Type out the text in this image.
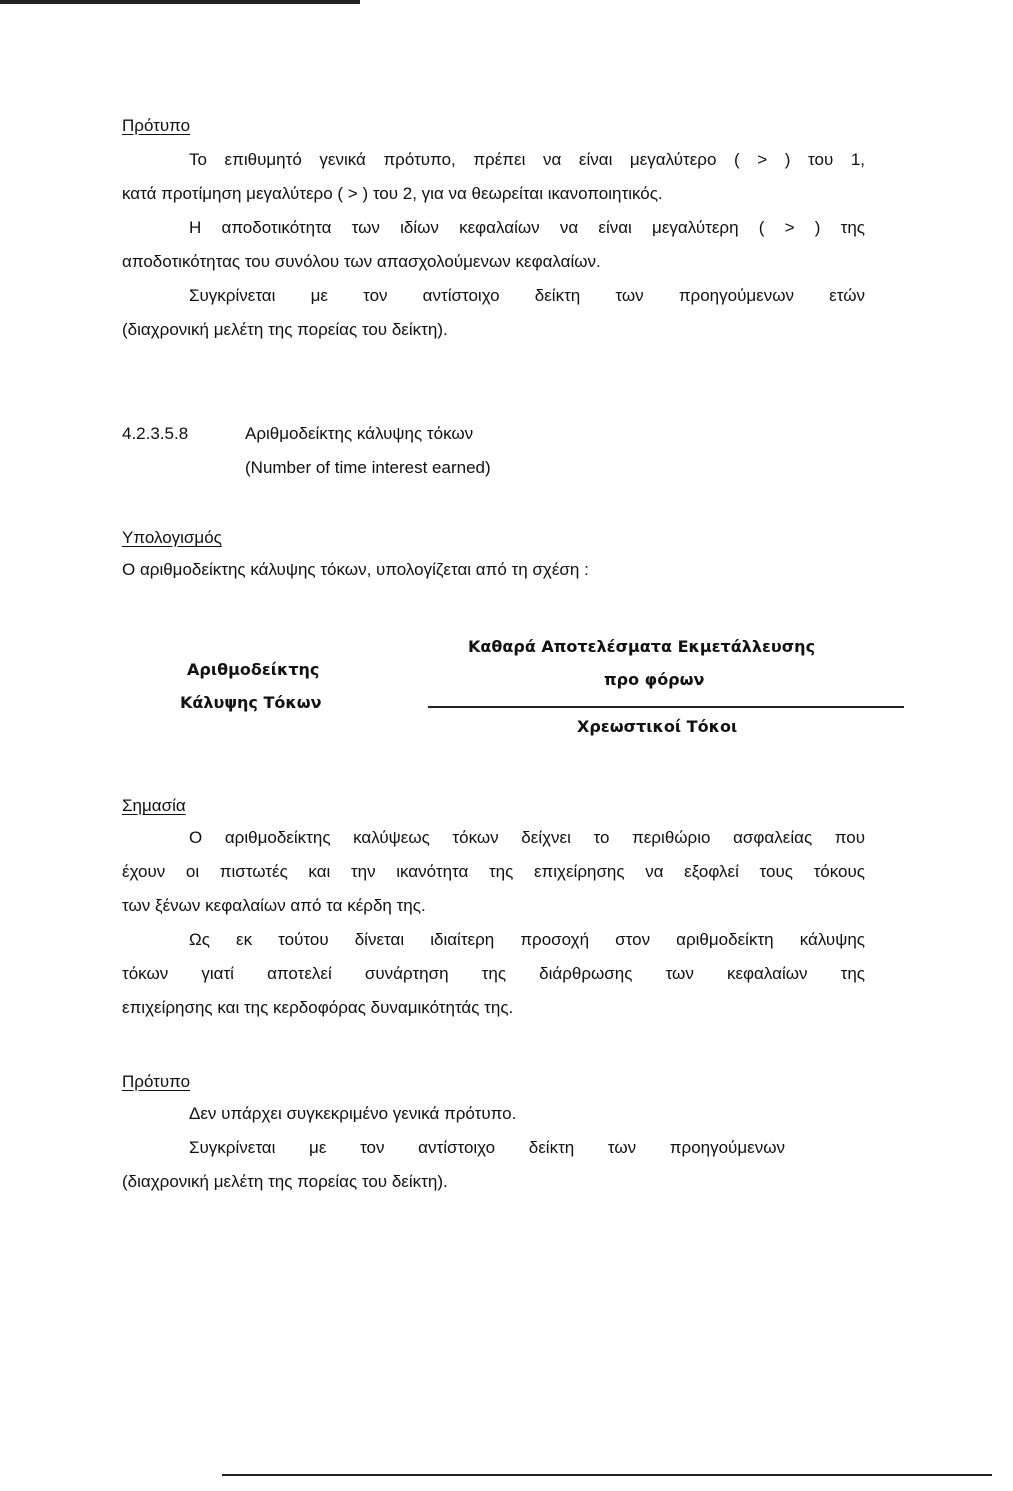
Πρότυπο
Το επιθυμητό γενικά πρότυπο, πρέπει να είναι μεγαλύτερο ( > ) του 1,
κατά προτίμηση μεγαλύτερο ( > ) του 2, για να θεωρείται ικανοποιητικός.
Η αποδοτικότητα των ιδίων κεφαλαίων να είναι μεγαλύτερη ( > ) της
αποδοτικότητας του συνόλου των απασχολούμενων κεφαλαίων.
Συγκρίνεται με τον αντίστοιχο δείκτη των προηγούμενων ετών
(διαχρονική μελέτη της πορείας του δείκτη).
4.2.3.5.8	Αριθμοδείκτης κάλυψης τόκων
(Number of time interest earned)
Υπολογισμός
Ο αριθμοδείκτης κάλυψης τόκων, υπολογίζεται από τη σχέση :
Αριθμοδείκτης
Κάλυψης Τόκων
Καθαρά Αποτελέσματα Εκμετάλλευσης
προ φόρων
Χρεωστικοί Τόκοι
Σημασία
Ο αριθμοδείκτης καλύψεως τόκων δείχνει το περιθώριο ασφαλείας που
έχουν οι πιστωτές και την ικανότητα της επιχείρησης να εξοφλεί τους τόκους
των ξένων κεφαλαίων από τα κέρδη της.
Ως εκ τούτου δίνεται ιδιαίτερη προσοχή στον αριθμοδείκτη κάλυψης
τόκων γιατί αποτελεί συνάρτηση της διάρθρωσης των κεφαλαίων της
επιχείρησης και της κερδοφόρας δυναμικότητάς της.
Πρότυπο
Δεν υπάρχει συγκεκριμένο γενικά πρότυπο.
Συγκρίνεται με τον αντίστοιχο δείκτη των προηγούμενων
(διαχρονική μελέτη της πορείας του δείκτη).
